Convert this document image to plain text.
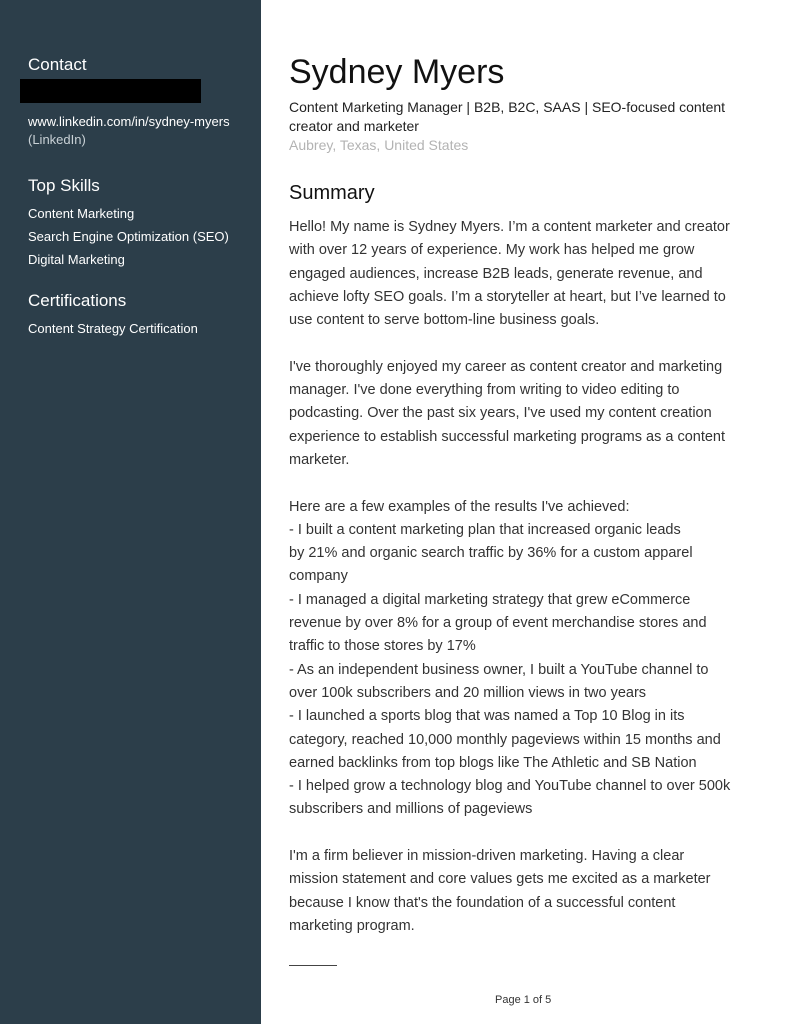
Contact
www.linkedin.com/in/sydney-myers
(LinkedIn)
Top Skills
Content Marketing
Search Engine Optimization (SEO)
Digital Marketing
Certifications
Content Strategy Certification
Sydney Myers
Content Marketing Manager | B2B, B2C, SAAS | SEO-focused content creator and marketer
Aubrey, Texas, United States
Summary

Hello! My name is Sydney Myers. I’m a content marketer and creator
with over 12 years of experience. My work has helped me grow
engaged audiences, increase B2B leads, generate revenue, and
achieve lofty SEO goals. I’m a storyteller at heart, but I’ve learned to
use content to serve bottom-line business goals.

I've thoroughly enjoyed my career as content creator and marketing
manager. I've done everything from writing to video editing to
podcasting. Over the past six years, I've used my content creation
experience to establish successful marketing programs as a content
marketer.

Here are a few examples of the results I've achieved:
- I built a content marketing plan that increased organic leads
by 21% and organic search traffic by 36% for a custom apparel
company
- I managed a digital marketing strategy that grew eCommerce
revenue by over 8% for a group of event merchandise stores and
traffic to those stores by 17%
- As an independent business owner, I built a YouTube channel to
over 100k subscribers and 20 million views in two years
- I launched a sports blog that was named a Top 10 Blog in its
category, reached 10,000 monthly pageviews within 15 months and
earned backlinks from top blogs like The Athletic and SB Nation
- I helped grow a technology blog and YouTube channel to over 500k
subscribers and millions of pageviews

I'm a firm believer in mission-driven marketing. Having a clear
mission statement and core values gets me excited as a marketer
because I know that's the foundation of a successful content
marketing program.

Page 1 of 5
